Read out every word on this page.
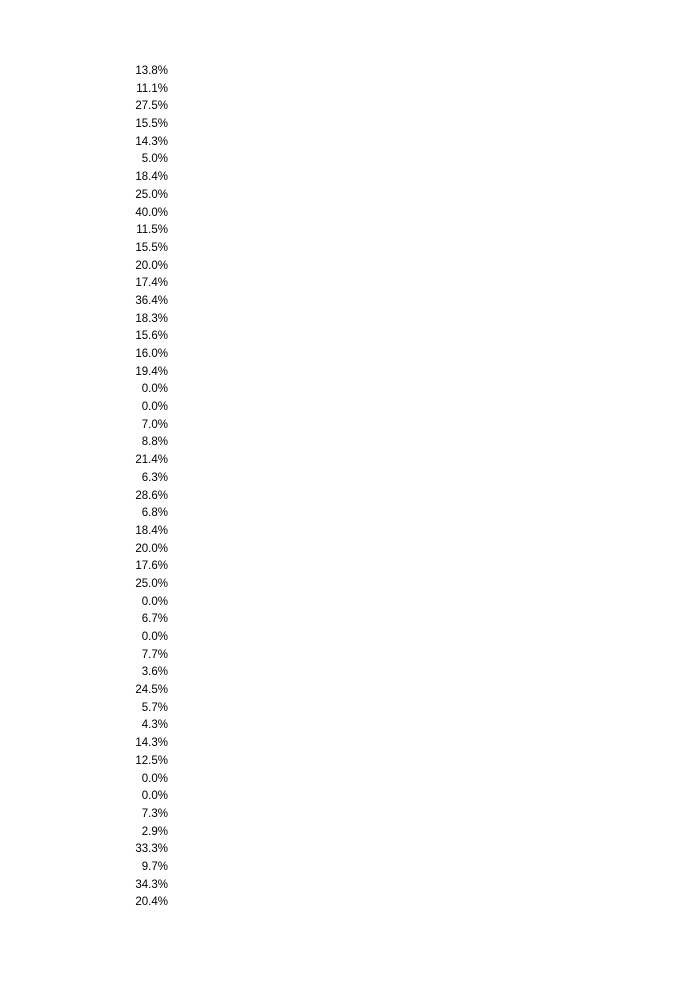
13.8%
11.1%
27.5%
15.5%
14.3%
5.0%
18.4%
25.0%
40.0%
11.5%
15.5%
20.0%
17.4%
36.4%
18.3%
15.6%
16.0%
19.4%
0.0%
0.0%
7.0%
8.8%
21.4%
6.3%
28.6%
6.8%
18.4%
20.0%
17.6%
25.0%
0.0%
6.7%
0.0%
7.7%
3.6%
24.5%
5.7%
4.3%
14.3%
12.5%
0.0%
0.0%
7.3%
2.9%
33.3%
9.7%
34.3%
20.4%
